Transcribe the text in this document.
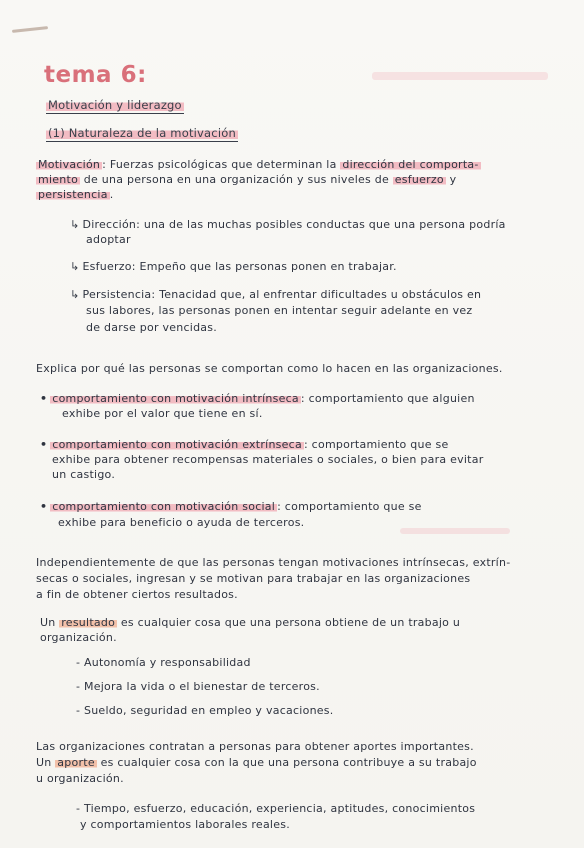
tema 6:
Motivación y liderazgo
(1) Naturaleza de la motivación
Motivación : Fuerzas psicológicas que determinan la dirección del comporta-
miento de una persona en una organización y sus niveles de esfuerzo y
persistencia .
↳ Dirección: una de las muchas posibles conductas que una persona podría
adoptar
↳ Esfuerzo: Empeño que las personas ponen en trabajar.
↳ Persistencia: Tenacidad que, al enfrentar dificultades u obstáculos en
sus labores, las personas ponen en intentar seguir adelante en vez
de darse por vencidas.
Explica por qué las personas se comportan como lo hacen en las organizaciones.
• comportamiento con motivación intrínseca : comportamiento que alguien
exhibe por el valor que tiene en sí.
• comportamiento con motivación extrínseca : comportamiento que se
exhibe para obtener recompensas materiales o sociales, o bien para evitar
un castigo.
• comportamiento con motivación social : comportamiento que se
exhibe para beneficio o ayuda de terceros.
Independientemente de que las personas tengan motivaciones intrínsecas, extrín-
secas o sociales, ingresan y se motivan para trabajar en las organizaciones
a fin de obtener ciertos resultados.
Un resultado es cualquier cosa que una persona obtiene de un trabajo u
organización.
- Autonomía y responsabilidad
- Mejora la vida o el bienestar de terceros.
- Sueldo, seguridad en empleo y vacaciones.
Las organizaciones contratan a personas para obtener aportes importantes.
Un aporte es cualquier cosa con la que una persona contribuye a su trabajo
u organización.
- Tiempo, esfuerzo, educación, experiencia, aptitudes, conocimientos
y comportamientos laborales reales.
